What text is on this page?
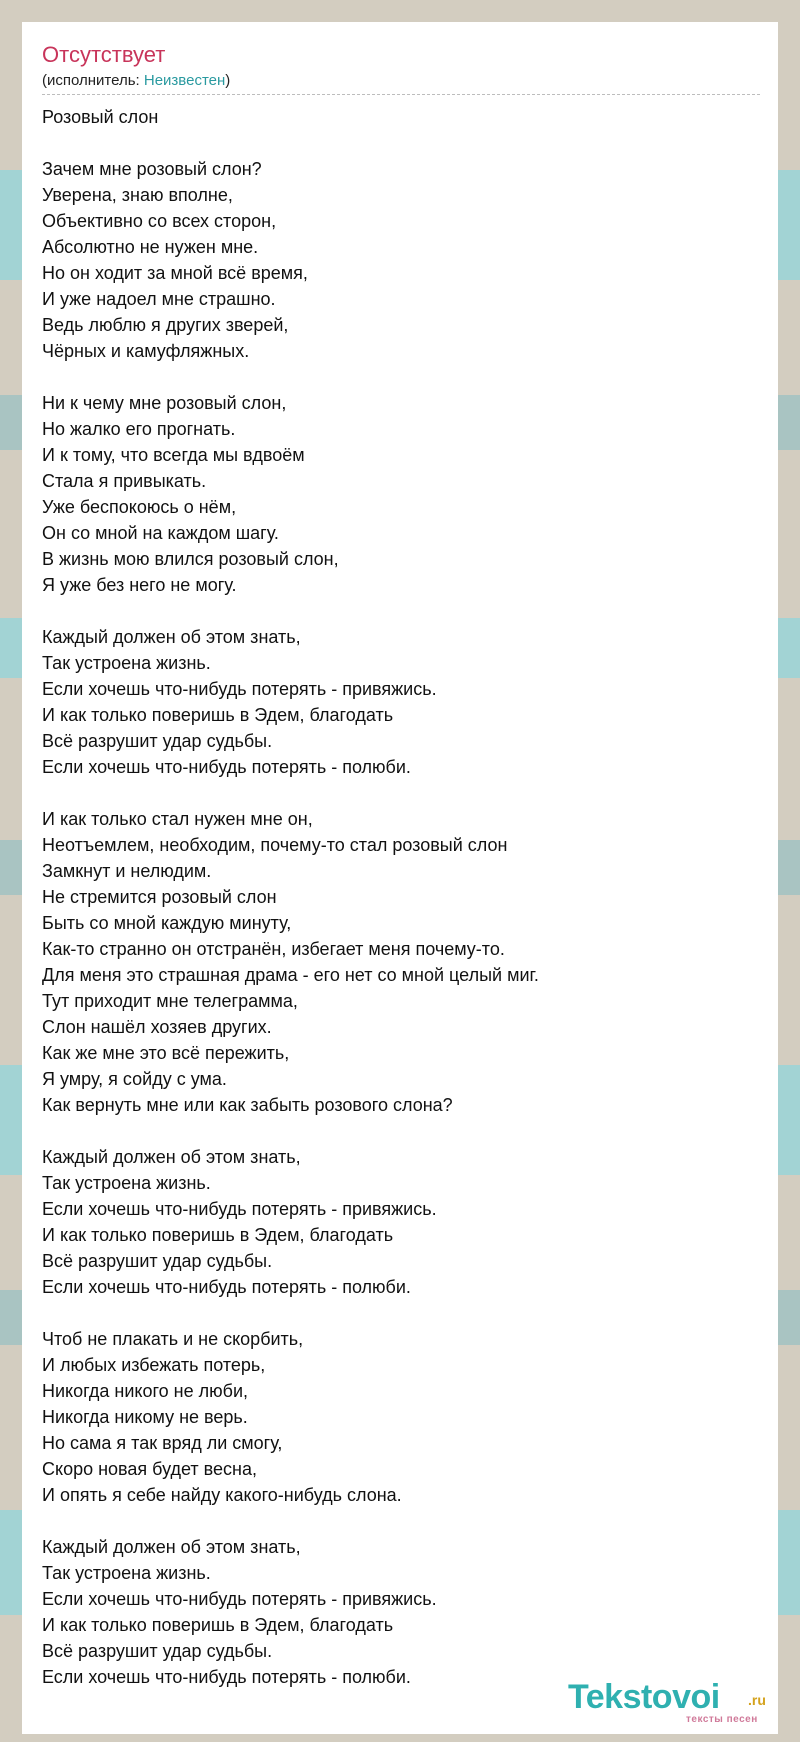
Отсутствует
(исполнитель: Неизвестен)
Розовый слон
Зачем мне розовый слон?
Уверена, знаю вполне,
Объективно со всех сторон,
Абсолютно не нужен мне.
Но он ходит за мной всё время,
И уже надоел мне страшно.
Ведь люблю я других зверей,
Чёрных и камуфляжных.
Ни к чему мне розовый слон,
Но жалко его прогнать.
И к тому, что всегда мы вдвоём
Стала я привыкать.
Уже беспокоюсь о нём,
Он со мной на каждом шагу.
В жизнь мою влился розовый слон,
Я уже без него не могу.
Каждый должен об этом знать,
Так устроена жизнь.
Если хочешь что-нибудь потерять - привяжись.
И как только поверишь в Эдем, благодать
Всё разрушит удар судьбы.
Если хочешь что-нибудь потерять - полюби.
И как только стал нужен мне он,
Неотъемлем, необходим, почему-то стал розовый слон
Замкнут и нелюдим.
Не стремится розовый слон
Быть со мной каждую минуту,
Как-то странно он отстранён, избегает меня почему-то.
Для меня это страшная драма - его нет со мной целый миг.
Тут приходит мне телеграмма,
Слон нашёл хозяев других.
Как же мне это всё пережить,
Я умру, я сойду с ума.
Как вернуть мне или как забыть розового слона?
Каждый должен об этом знать,
Так устроена жизнь.
Если хочешь что-нибудь потерять - привяжись.
И как только поверишь в Эдем, благодать
Всё разрушит удар судьбы.
Если хочешь что-нибудь потерять - полюби.
Чтоб не плакать и не скорбить,
И любых избежать потерь,
Никогда никого не люби,
Никогда никому не верь.
Но сама я так вряд ли смогу,
Скоро новая будет весна,
И опять я себе найду какого-нибудь слона.
Каждый должен об этом знать,
Так устроена жизнь.
Если хочешь что-нибудь потерять - привяжись.
И как только поверишь в Эдем, благодать
Всё разрушит удар судьбы.
Если хочешь что-нибудь потерять - полюби.
Tekstovoi .ru
тексты песен
